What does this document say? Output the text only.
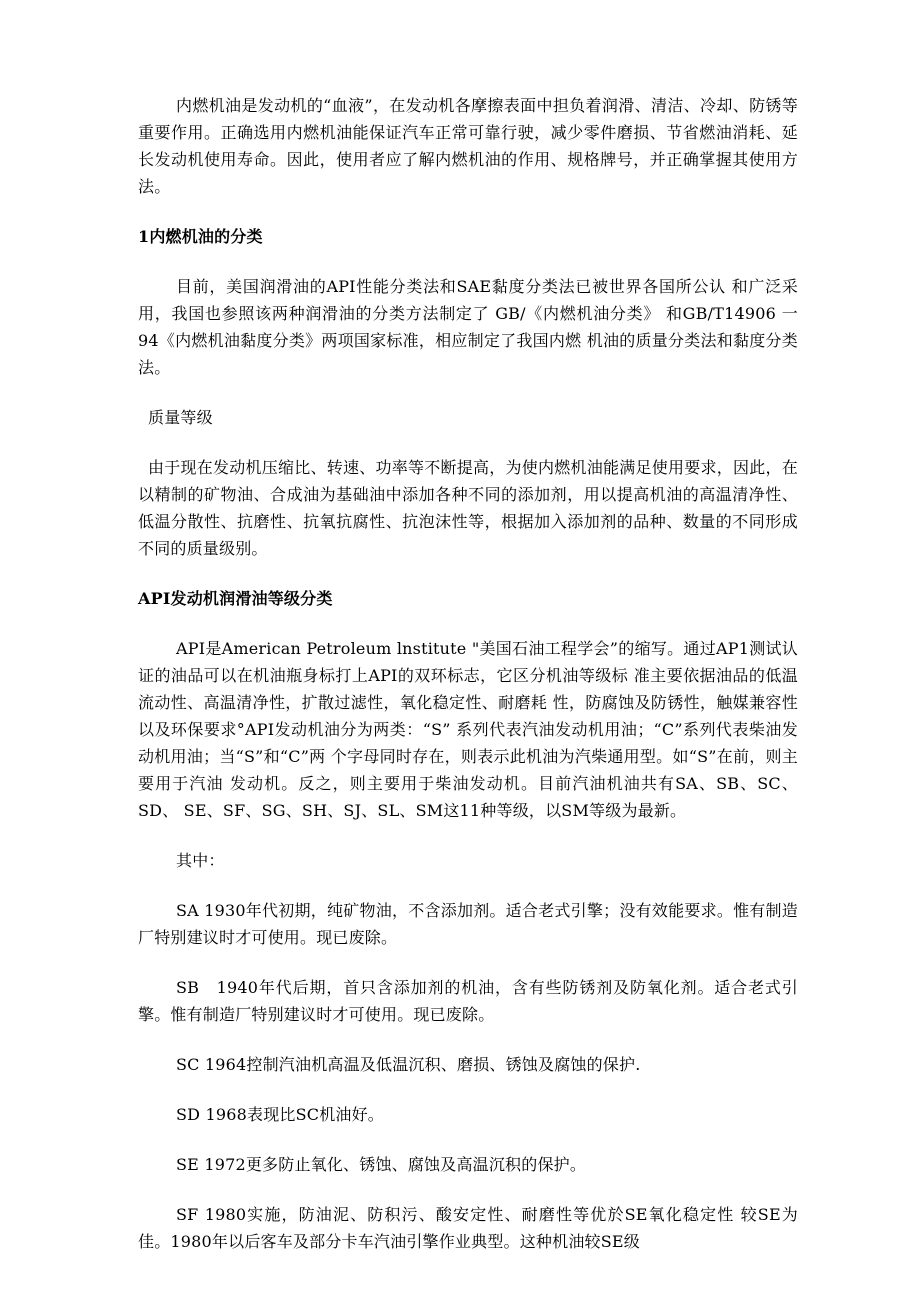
内燃机油是发动机的“血液”，在发动机各摩擦表面中担负着润滑、清洁、冷却、防锈等重要作用。正确选用内燃机油能保证汽车正常可靠行驶，减少零件磨损、节省燃油消耗、延长发动机使用寿命。因此，使用者应了解内燃机油的作用、规格牌号，并正确掌握其使用方法。

1内燃机油的分类

目前，美国润滑油的API性能分类法和SAE黏度分类法已被世界各国所公认 和广泛采用，我国也参照该两种润滑油的分类方法制定了 GB/《内燃机油分类》 和GB/T14906 一 94《内燃机油黏度分类》两项国家标准，相应制定了我国内燃 机油的质量分类法和黏度分类法。

质量等级

由于现在发动机压缩比、转速、功率等不断提高，为使内燃机油能满足使用要求，因此，在以精制的矿物油、合成油为基础油中添加各种不同的添加剂，用以提高机油的高温清净性、低温分散性、抗磨性、抗氧抗腐性、抗泡沫性等，根据加入添加剂的品种、数量的不同形成不同的质量级别。

API发动机润滑油等级分类

API是American Petroleum lnstitute "美国石油工程学会”的缩写。通过AP1测试认证的油品可以在机油瓶身标打上API的双环标志，它区分机油等级标 准主要依据油品的低温流动性、高温清净性，扩散过滤性，氧化稳定性、耐磨耗 性，防腐蚀及防锈性，触媒兼容性以及环保要求°API发动机油分为两类：“S” 系列代表汽油发动机用油；“C”系列代表柴油发动机用油；当“S”和“C”两 个字母同时存在，则表示此机油为汽柴通用型。如“S”在前，则主要用于汽油 发动机。反之，则主要用于柴油发动机。目前汽油机油共有SA、SB、SC、SD、 SE、SF、SG、SH、SJ、SL、SM这11种等级，以SM等级为最新。

其中：

SA 1930年代初期，纯矿物油，不含添加剂。适合老式引擎；没有效能要求。惟有制造厂特别建议时才可使用。现已废除。

SB　1940年代后期，首只含添加剂的机油，含有些防锈剂及防氧化剂。适合老式引擎。惟有制造厂特别建议时才可使用。现已废除。

SC 1964控制汽油机高温及低温沉积、磨损、锈蚀及腐蚀的保护.

SD 1968表现比SC机油好。

SE 1972更多防止氧化、锈蚀、腐蚀及高温沉积的保护。

SF 1980实施，防油泥、防积污、酸安定性、耐磨性等优於SE氧化稳定性 较SE为佳。1980年以后客车及部分卡车汽油引擎作业典型。这种机油较SE级
